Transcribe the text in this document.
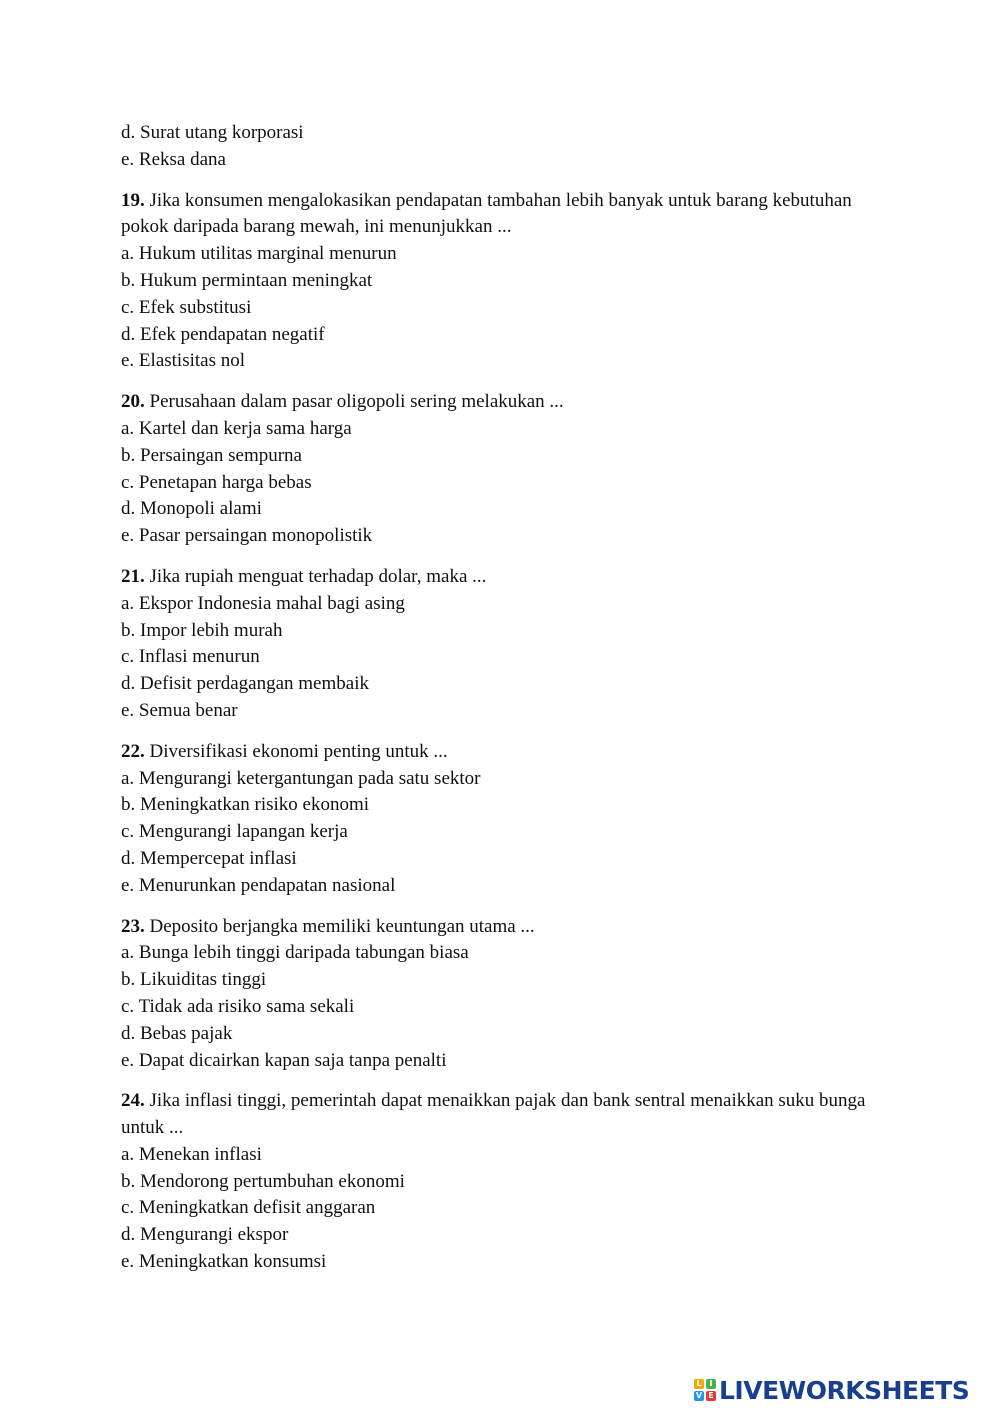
d. Surat utang korporasi
e. Reksa dana
19. Jika konsumen mengalokasikan pendapatan tambahan lebih banyak untuk barang kebutuhan pokok daripada barang mewah, ini menunjukkan ...
a. Hukum utilitas marginal menurun
b. Hukum permintaan meningkat
c. Efek substitusi
d. Efek pendapatan negatif
e. Elastisitas nol
20. Perusahaan dalam pasar oligopoli sering melakukan ...
a. Kartel dan kerja sama harga
b. Persaingan sempurna
c. Penetapan harga bebas
d. Monopoli alami
e. Pasar persaingan monopolistik
21. Jika rupiah menguat terhadap dolar, maka ...
a. Ekspor Indonesia mahal bagi asing
b. Impor lebih murah
c. Inflasi menurun
d. Defisit perdagangan membaik
e. Semua benar
22. Diversifikasi ekonomi penting untuk ...
a. Mengurangi ketergantungan pada satu sektor
b. Meningkatkan risiko ekonomi
c. Mengurangi lapangan kerja
d. Mempercepat inflasi
e. Menurunkan pendapatan nasional
23. Deposito berjangka memiliki keuntungan utama ...
a. Bunga lebih tinggi daripada tabungan biasa
b. Likuiditas tinggi
c. Tidak ada risiko sama sekali
d. Bebas pajak
e. Dapat dicairkan kapan saja tanpa penalti
24. Jika inflasi tinggi, pemerintah dapat menaikkan pajak dan bank sentral menaikkan suku bunga untuk ...
a. Menekan inflasi
b. Mendorong pertumbuhan ekonomi
c. Meningkatkan defisit anggaran
d. Mengurangi ekspor
e. Meningkatkan konsumsi
L I
V E LIVEWORKSHEETS
